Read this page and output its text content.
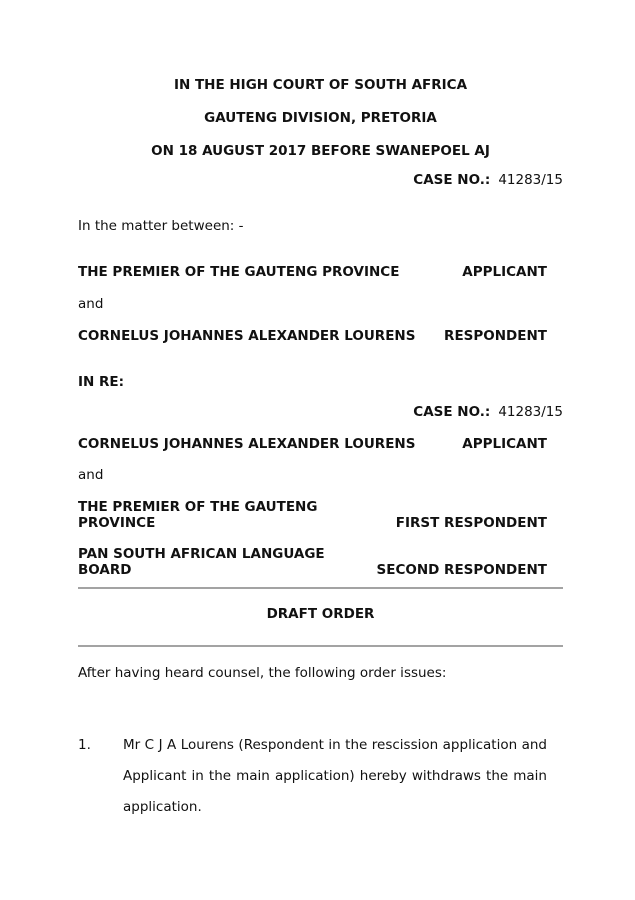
IN THE HIGH COURT OF SOUTH AFRICA
GAUTENG DIVISION, PRETORIA
ON 18 AUGUST 2017 BEFORE SWANEPOEL AJ
CASE NO.: 41283/15
In the matter between: -
THE PREMIER OF THE GAUTENG PROVINCE	APPLICANT
and
CORNELUS JOHANNES ALEXANDER LOURENS RESPONDENT
IN RE:
CASE NO.: 41283/15
CORNELUS JOHANNES ALEXANDER LOURENS	APPLICANT
and
THE PREMIER OF THE GAUTENG PROVINCE	FIRST RESPONDENT
PAN SOUTH AFRICAN LANGUAGE BOARD	SECOND RESPONDENT
DRAFT ORDER
After having heard counsel, the following order issues:
1.	Mr C J A Lourens (Respondent in the rescission application and Applicant in the main application) hereby withdraws the main application.
